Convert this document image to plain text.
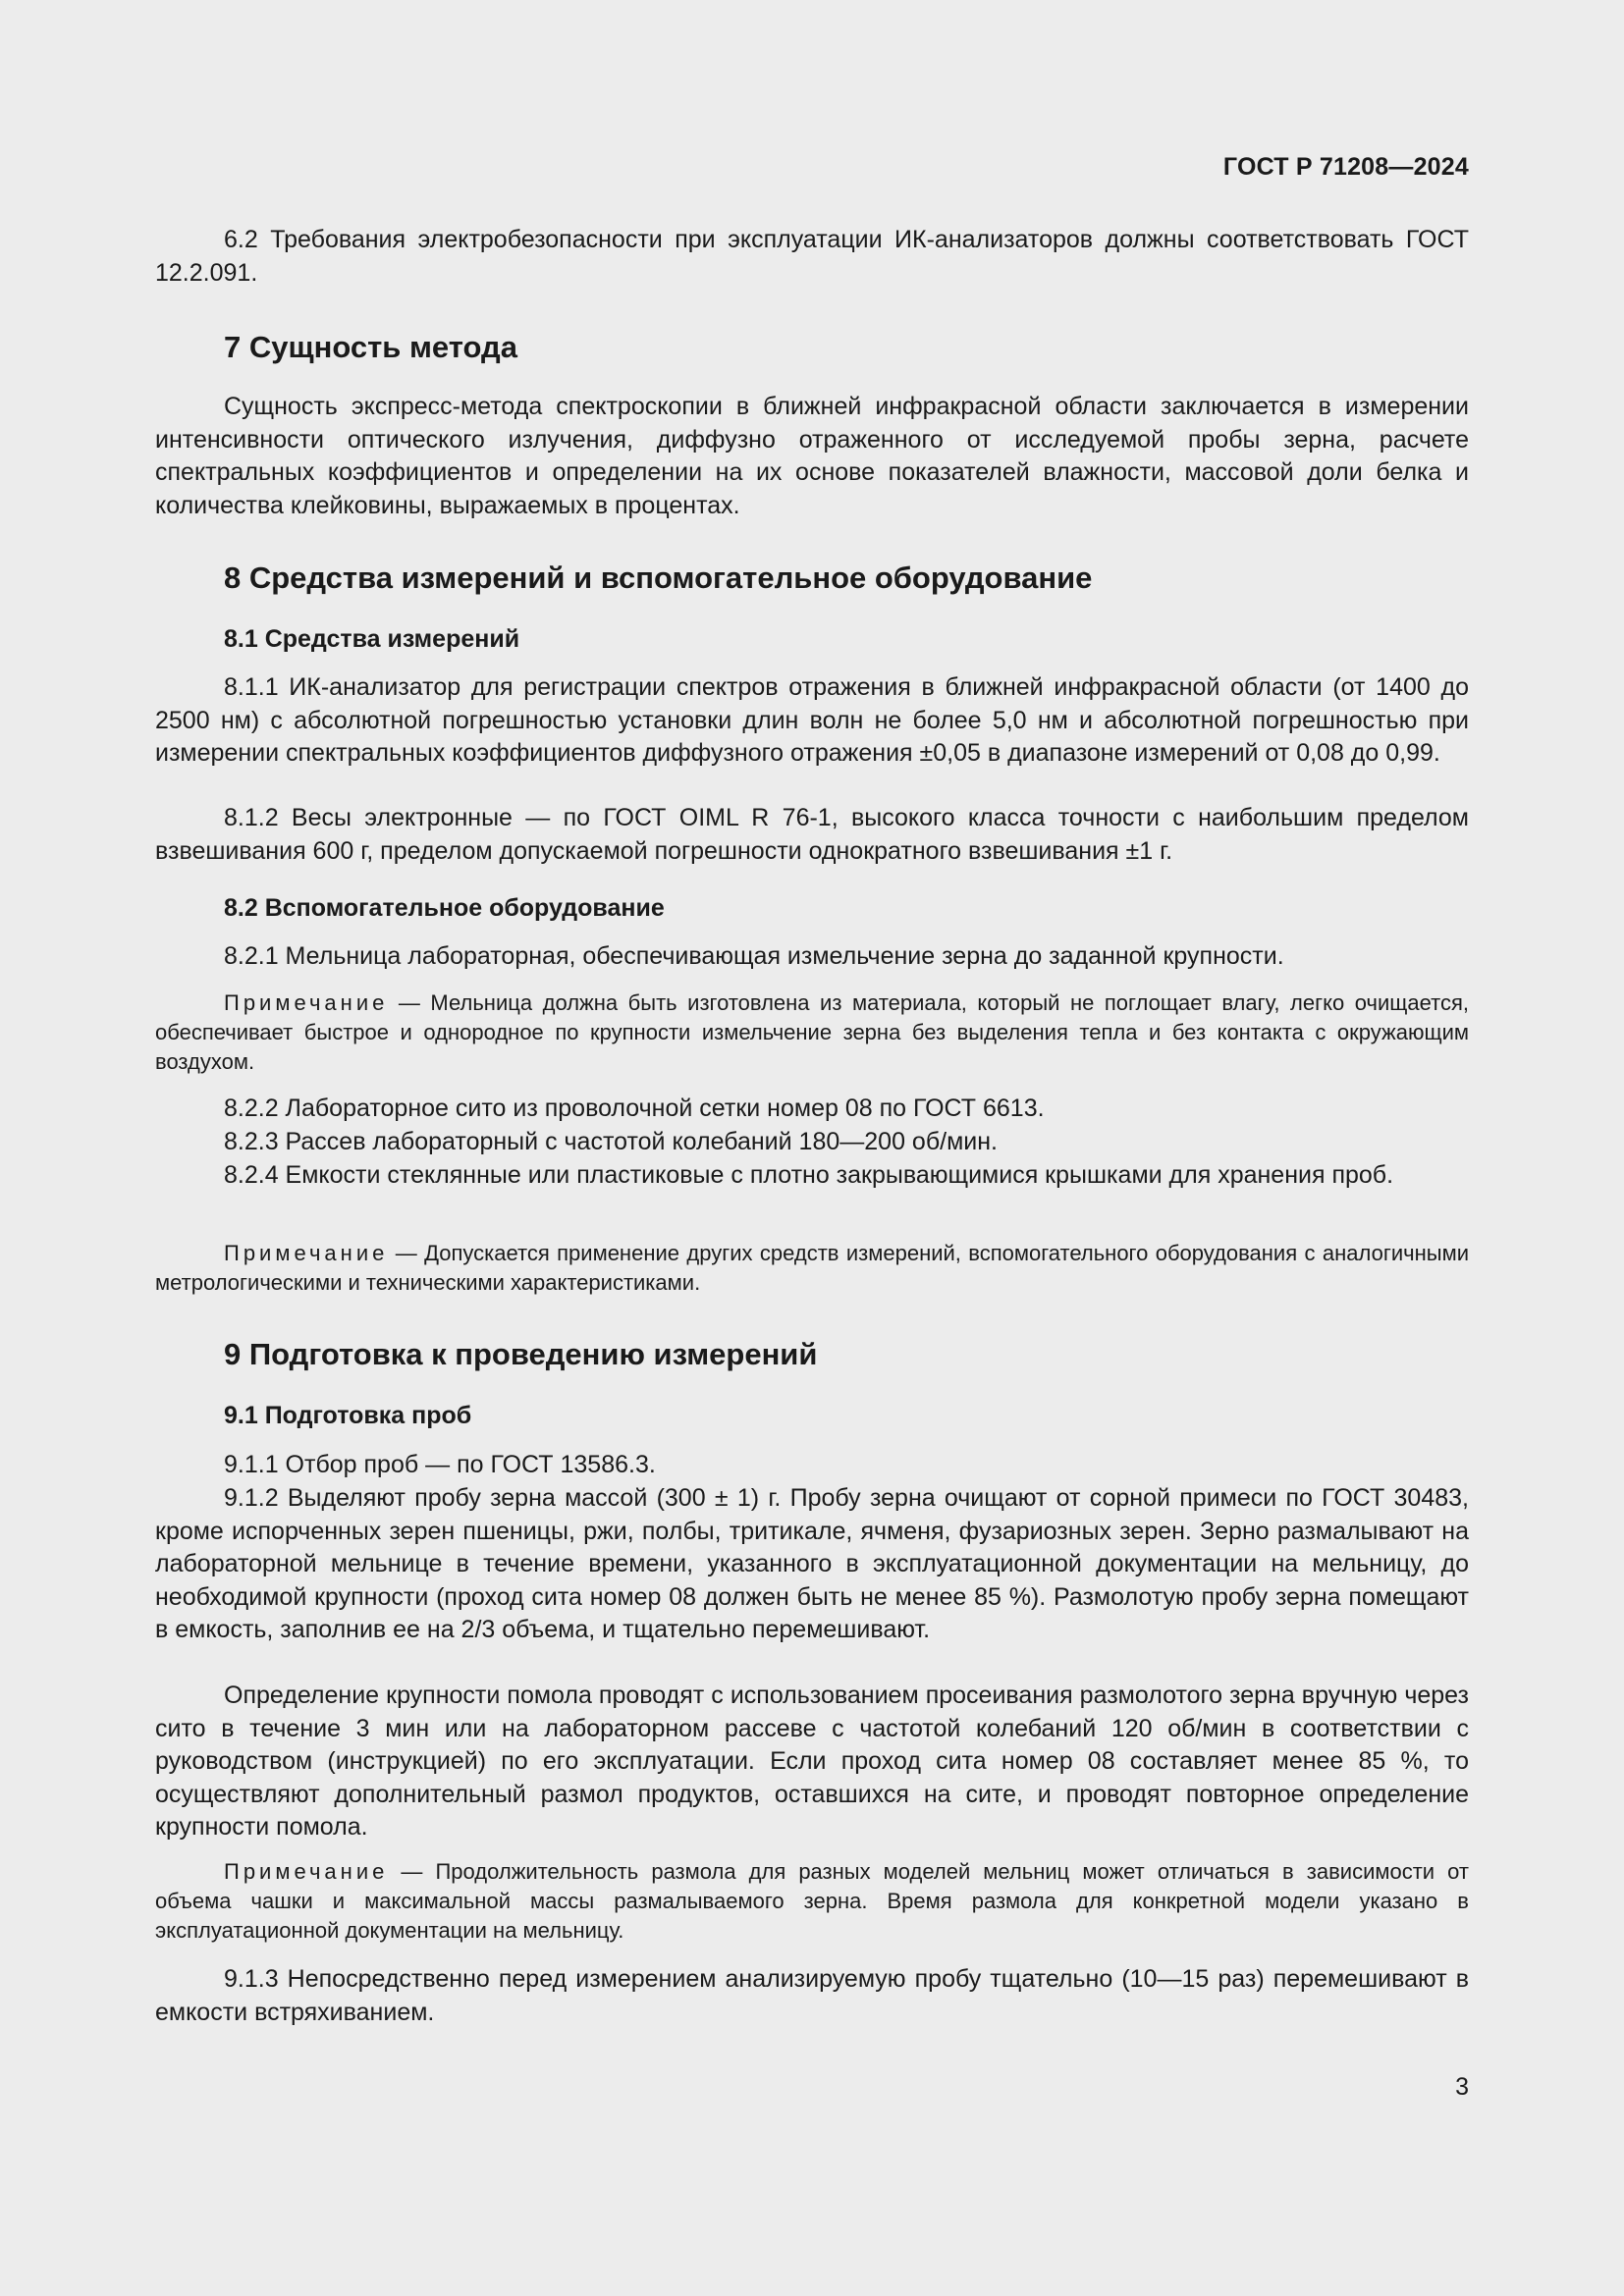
ГОСТ Р 71208—2024

6.2 Требования электробезопасности при эксплуатации ИК-анализаторов должны соответствовать ГОСТ 12.2.091.

7 Сущность метода

Сущность экспресс-метода спектроскопии в ближней инфракрасной области заключается в измерении интенсивности оптического излучения, диффузно отраженного от исследуемой пробы зерна, расчете спектральных коэффициентов и определении на их основе показателей влажности, массовой доли белка и количества клейковины, выражаемых в процентах.

8 Средства измерений и вспомогательное оборудование
8.1 Средства измерений

8.1.1 ИК-анализатор для регистрации спектров отражения в ближней инфракрасной области (от 1400 до 2500 нм) с абсолютной погрешностью установки длин волн не более 5,0 нм и абсолютной погрешностью при измерении спектральных коэффициентов диффузного отражения ±0,05 в диапазоне измерений от 0,08 до 0,99.

8.1.2 Весы электронные — по ГОСТ OIML R 76-1, высокого класса точности с наибольшим пределом взвешивания 600 г, пределом допускаемой погрешности однократного взвешивания ±1 г.

8.2 Вспомогательное оборудование

8.2.1 Мельница лабораторная, обеспечивающая измельчение зерна до заданной крупности.

Примечание — Мельница должна быть изготовлена из материала, который не поглощает влагу, легко очищается, обеспечивает быстрое и однородное по крупности измельчение зерна без выделения тепла и без контакта с окружающим воздухом.

8.2.2 Лабораторное сито из проволочной сетки номер 08 по ГОСТ 6613.

8.2.3 Рассев лабораторный с частотой колебаний 180—200 об/мин.

8.2.4 Емкости стеклянные или пластиковые с плотно закрывающимися крышками для хранения проб.

Примечание — Допускается применение других средств измерений, вспомогательного оборудования с аналогичными метрологическими и техническими характеристиками.

9 Подготовка к проведению измерений
9.1 Подготовка проб

9.1.1 Отбор проб — по ГОСТ 13586.3.

9.1.2 Выделяют пробу зерна массой (300 ± 1) г. Пробу зерна очищают от сорной примеси по ГОСТ 30483, кроме испорченных зерен пшеницы, ржи, полбы, тритикале, ячменя, фузариозных зерен. Зерно размалывают на лабораторной мельнице в течение времени, указанного в эксплуатационной документации на мельницу, до необходимой крупности (проход сита номер 08 должен быть не менее 85 %). Размолотую пробу зерна помещают в емкость, заполнив ее на 2/3 объема, и тщательно перемешивают.

Определение крупности помола проводят с использованием просеивания размолотого зерна вручную через сито в течение 3 мин или на лабораторном рассеве с частотой колебаний 120 об/мин в соответствии с руководством (инструкцией) по его эксплуатации. Если проход сита номер 08 составляет менее 85 %, то осуществляют дополнительный размол продуктов, оставшихся на сите, и проводят повторное определение крупности помола.

Примечание — Продолжительность размола для разных моделей мельниц может отличаться в зависимости от объема чашки и максимальной массы размалываемого зерна. Время размола для конкретной модели указано в эксплуатационной документации на мельницу.

9.1.3 Непосредственно перед измерением анализируемую пробу тщательно (10—15 раз) перемешивают в емкости встряхиванием.

3
